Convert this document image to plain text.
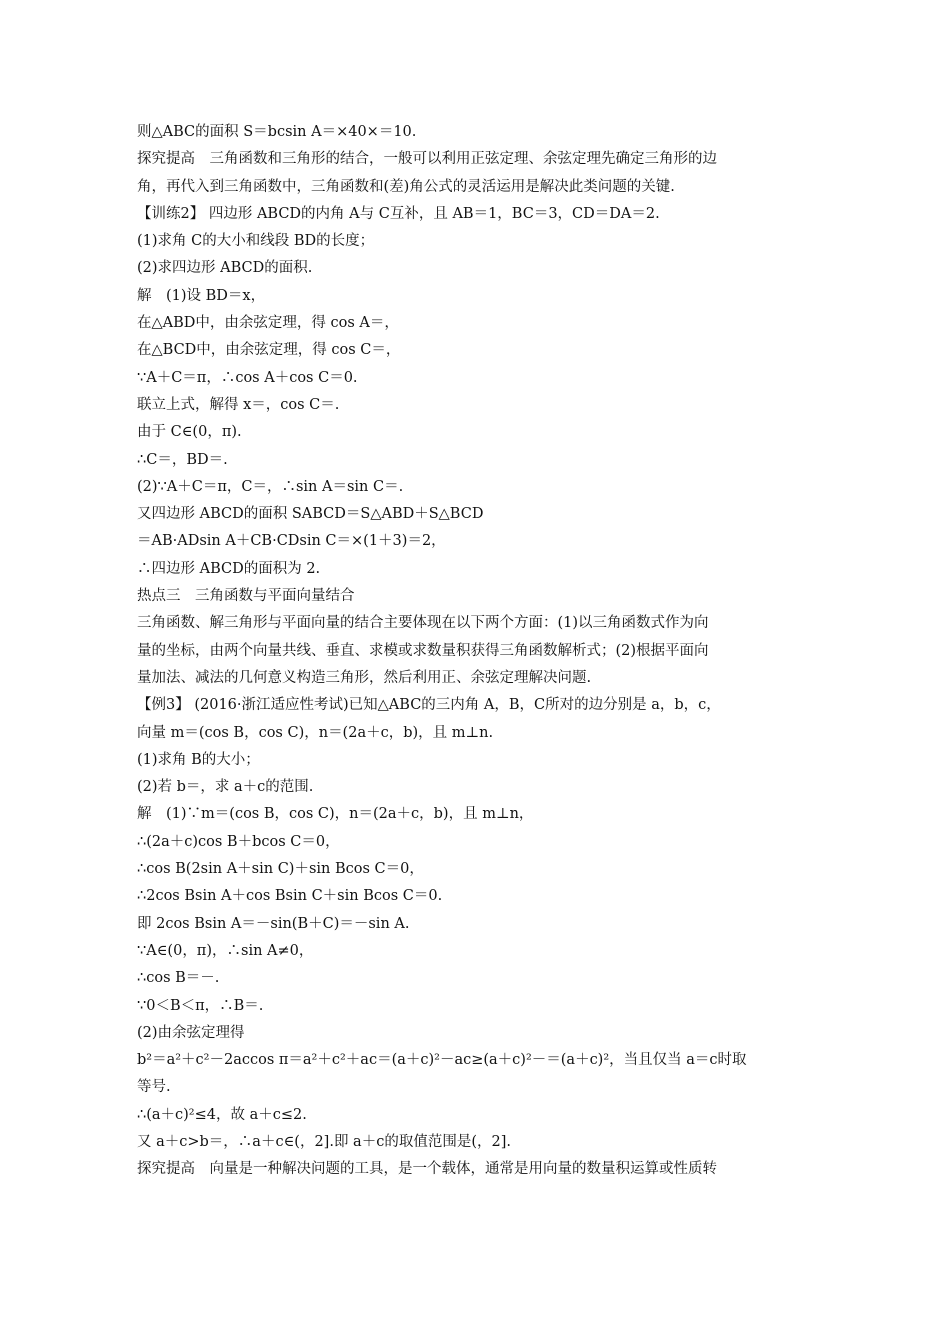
则△ABC的面积 S＝bcsin A＝×40×＝10.
探究提高　三角函数和三角形的结合，一般可以利用正弦定理、余弦定理先确定三角形的边
角，再代入到三角函数中，三角函数和(差)角公式的灵活运用是解决此类问题的关键.
【训练2】 四边形 ABCD的内角 A与 C互补，且 AB＝1，BC＝3，CD＝DA＝2.
(1)求角 C的大小和线段 BD的长度；
(2)求四边形 ABCD的面积.
解　(1)设 BD＝x，
在△ABD中，由余弦定理，得 cos A＝，
在△BCD中，由余弦定理，得 cos C＝，
∵A＋C＝π，∴cos A＋cos C＝0.
联立上式，解得 x＝，cos C＝.
由于 C∈(0，π).
∴C＝，BD＝.
(2)∵A＋C＝π，C＝，∴sin A＝sin C＝.
又四边形 ABCD的面积 SABCD＝S△ABD＋S△BCD
＝AB·ADsin A＋CB·CDsin C＝×(1＋3)＝2，
∴四边形 ABCD的面积为 2.
热点三　三角函数与平面向量结合
三角函数、解三角形与平面向量的结合主要体现在以下两个方面：(1)以三角函数式作为向
量的坐标，由两个向量共线、垂直、求模或求数量积获得三角函数解析式；(2)根据平面向
量加法、减法的几何意义构造三角形，然后利用正、余弦定理解决问题.
【例3】 (2016·浙江适应性考试)已知△ABC的三内角 A，B，C所对的边分别是 a，b，c，
向量 m＝(cos B，cos C)，n＝(2a＋c，b)，且 m⊥n.
(1)求角 B的大小；
(2)若 b＝，求 a＋c的范围.
解　(1)∵m＝(cos B，cos C)，n＝(2a＋c，b)，且 m⊥n，
∴(2a＋c)cos B＋bcos C＝0，
∴cos B(2sin A＋sin C)＋sin Bcos C＝0，
∴2cos Bsin A＋cos Bsin C＋sin Bcos C＝0.
即 2cos Bsin A＝－sin(B＋C)＝－sin A.
∵A∈(0，π)，∴sin A≠0，
∴cos B＝－.
∵0＜B＜π，∴B＝.
(2)由余弦定理得
b²＝a²＋c²－2accos π＝a²＋c²＋ac＝(a＋c)²－ac≥(a＋c)²－＝(a＋c)²，当且仅当 a＝c时取
等号.
∴(a＋c)²≤4，故 a＋c≤2.
又 a＋c>b＝，∴a＋c∈(，2].即 a＋c的取值范围是(，2].
探究提高　向量是一种解决问题的工具，是一个载体，通常是用向量的数量积运算或性质转
